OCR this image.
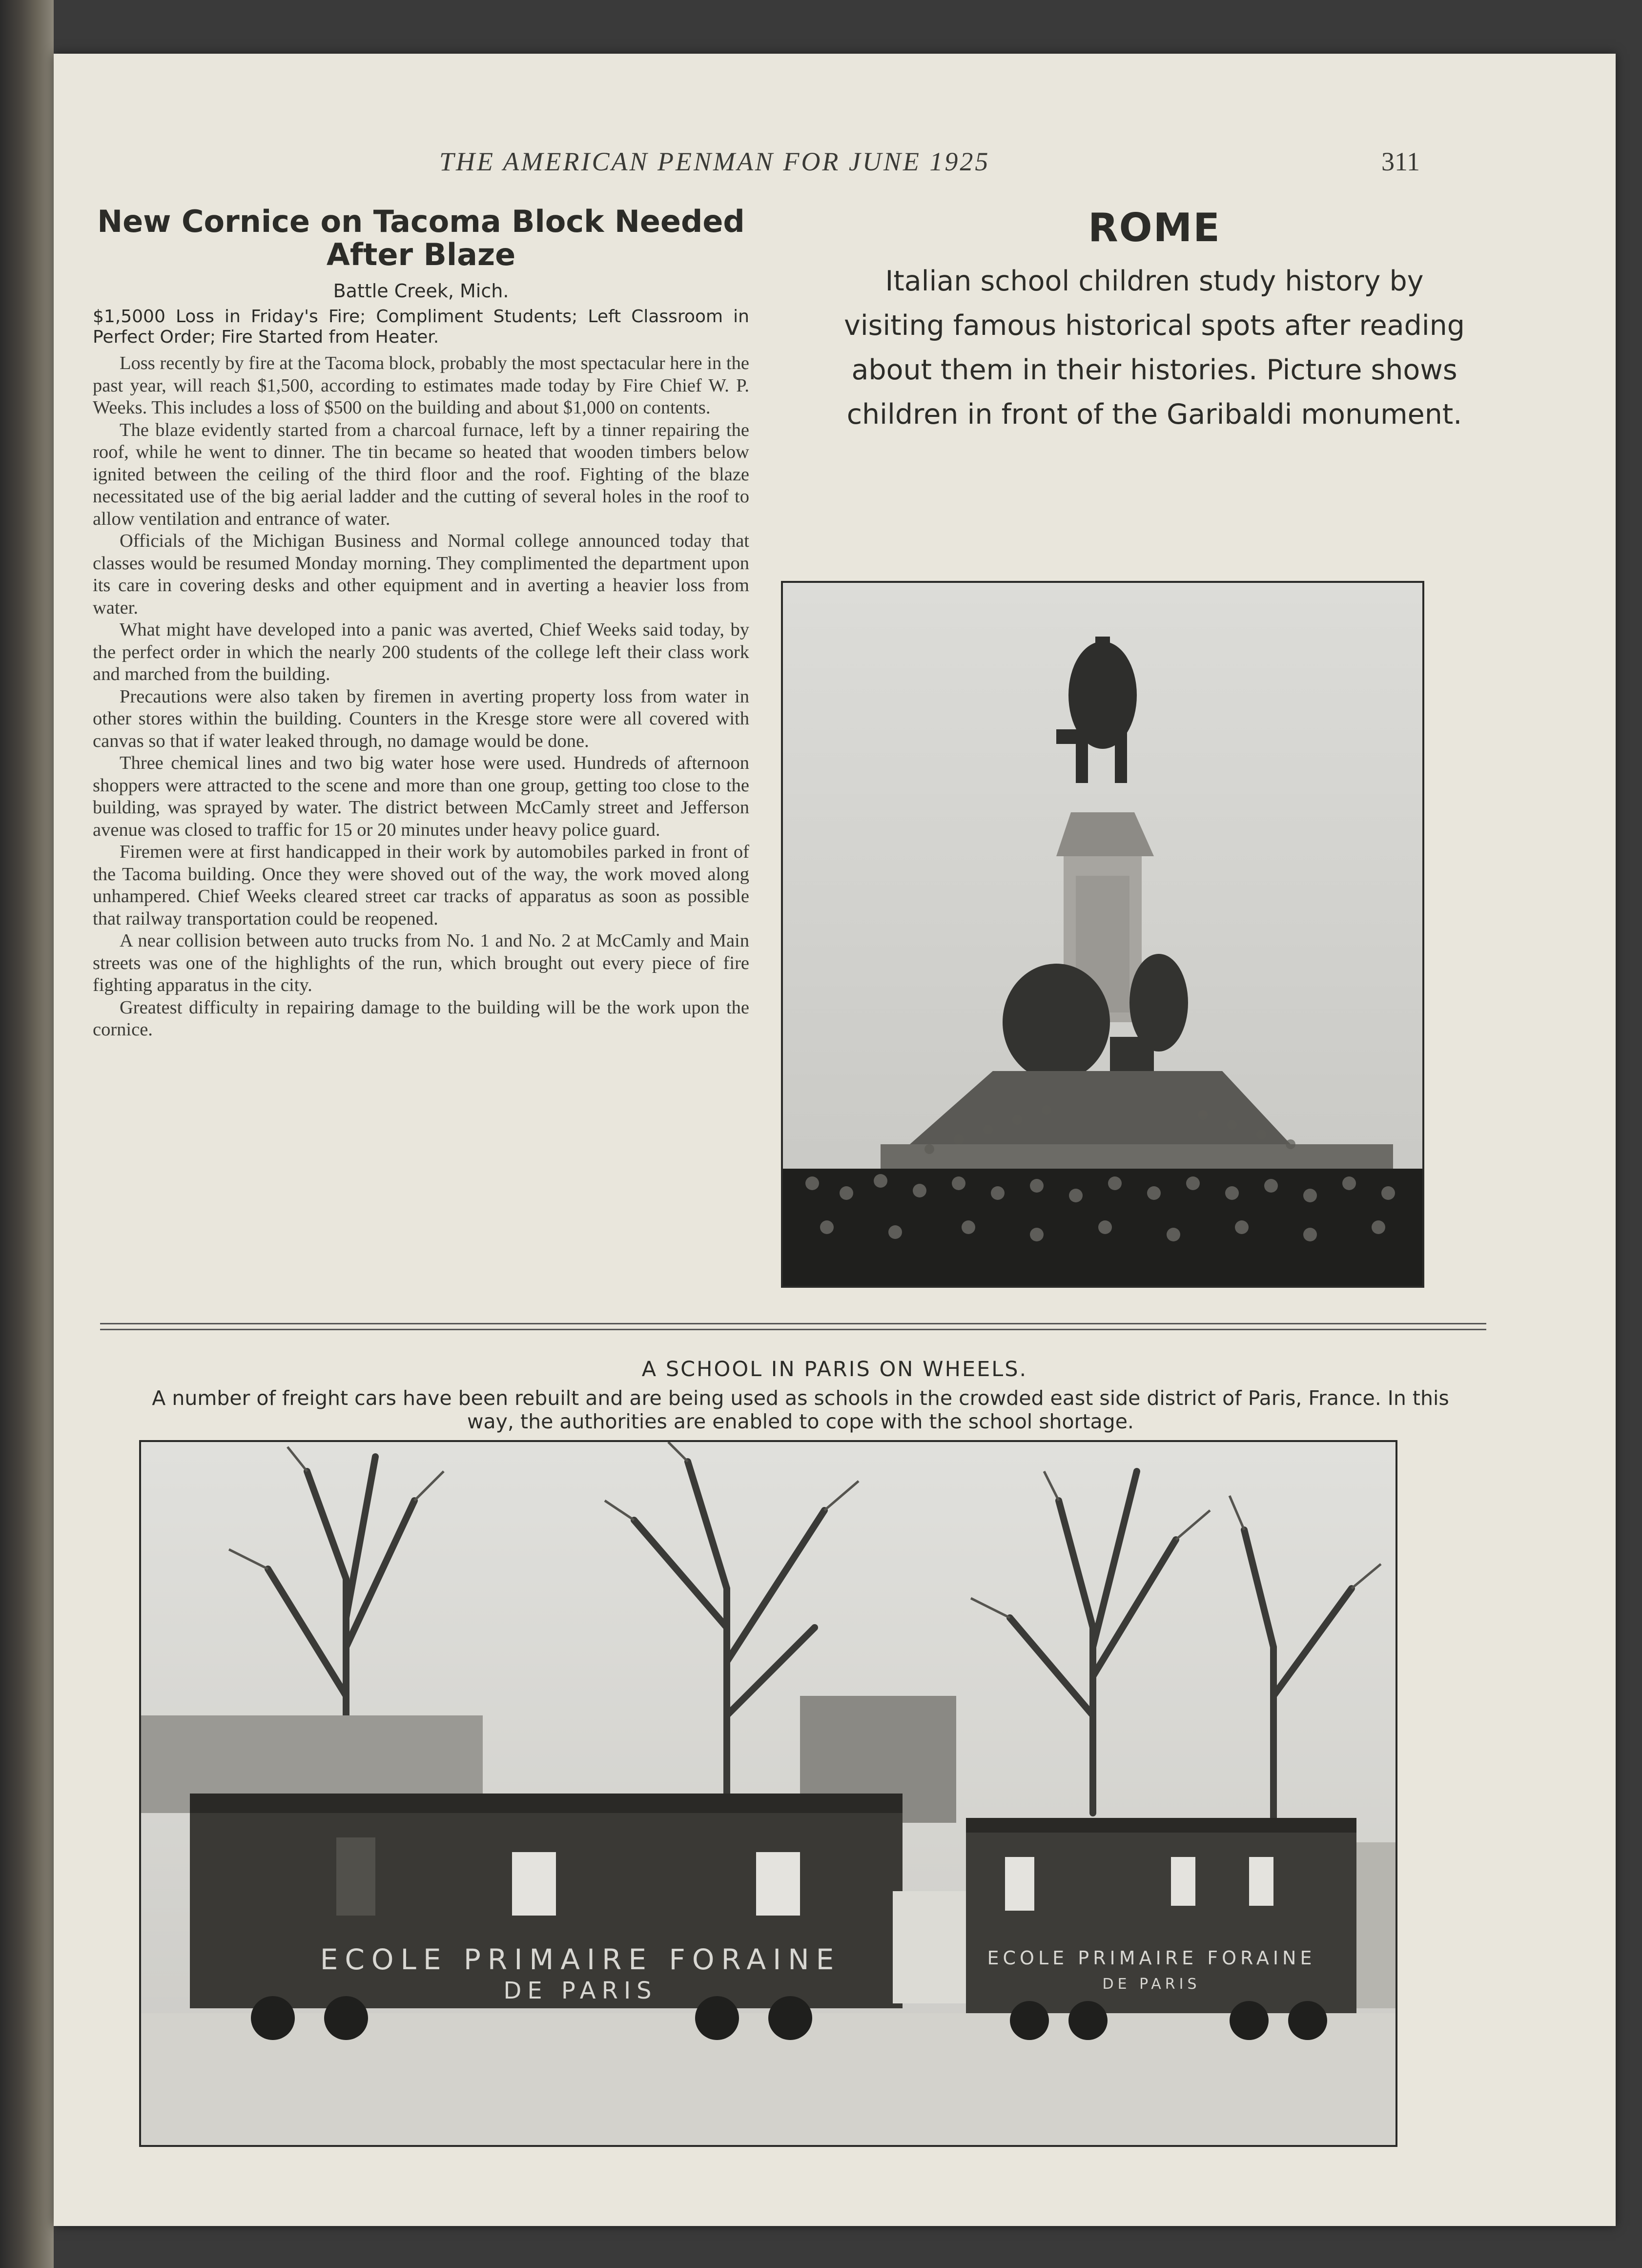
THE AMERICAN PENMAN FOR JUNE 1925	311
New Cornice on Tacoma Block Needed After Blaze
Battle Creek, Mich.

$1,5000 Loss in Friday's Fire; Compliment Students; Left Classroom in Perfect Order; Fire Started from Heater.

Loss recently by fire at the Tacoma block, probably the most spectacular here in the past year, will reach $1,500, according to estimates made today by Fire Chief W. P. Weeks. This includes a loss of $500 on the building and about $1,000 on contents.

The blaze evidently started from a charcoal furnace, left by a tinner repairing the roof, while he went to dinner. The tin became so heated that wooden timbers below ignited between the ceiling of the third floor and the roof. Fighting of the blaze necessitated use of the big aerial ladder and the cutting of several holes in the roof to allow ventilation and entrance of water.

Officials of the Michigan Business and Normal college announced today that classes would be resumed Monday morning. They complimented the department upon its care in covering desks and other equipment and in averting a heavier loss from water.

What might have developed into a panic was averted, Chief Weeks said today, by the perfect order in which the nearly 200 students of the college left their class work and marched from the building.

Precautions were also taken by firemen in averting property loss from water in other stores within the building. Counters in the Kresge store were all covered with canvas so that if water leaked through, no damage would be done.

Three chemical lines and two big water hose were used. Hundreds of afternoon shoppers were attracted to the scene and more than one group, getting too close to the building, was sprayed by water. The district between McCamly street and Jefferson avenue was closed to traffic for 15 or 20 minutes under heavy police guard.

Firemen were at first handicapped in their work by automobiles parked in front of the Tacoma building. Once they were shoved out of the way, the work moved along unhampered. Chief Weeks cleared street car tracks of apparatus as soon as possible that railway transportation could be reopened.

A near collision between auto trucks from No. 1 and No. 2 at McCamly and Main streets was one of the highlights of the run, which brought out every piece of fire fighting apparatus in the city.

Greatest difficulty in repairing damage to the building will be the work upon the cornice.

ROME

Italian school children study history by visiting famous historical spots after reading about them in their histories. Picture shows children in front of the Garibaldi monument.

A SCHOOL IN PARIS ON WHEELS.
A number of freight cars have been rebuilt and are being used as schools in the crowded east side district of Paris, France. In this way, the authorities are enabled to cope with the school shortage.
ECOLE PRIMAIRE FORAINE
DE PARIS
ECOLE PRIMAIRE FORAINE
DE PARIS
